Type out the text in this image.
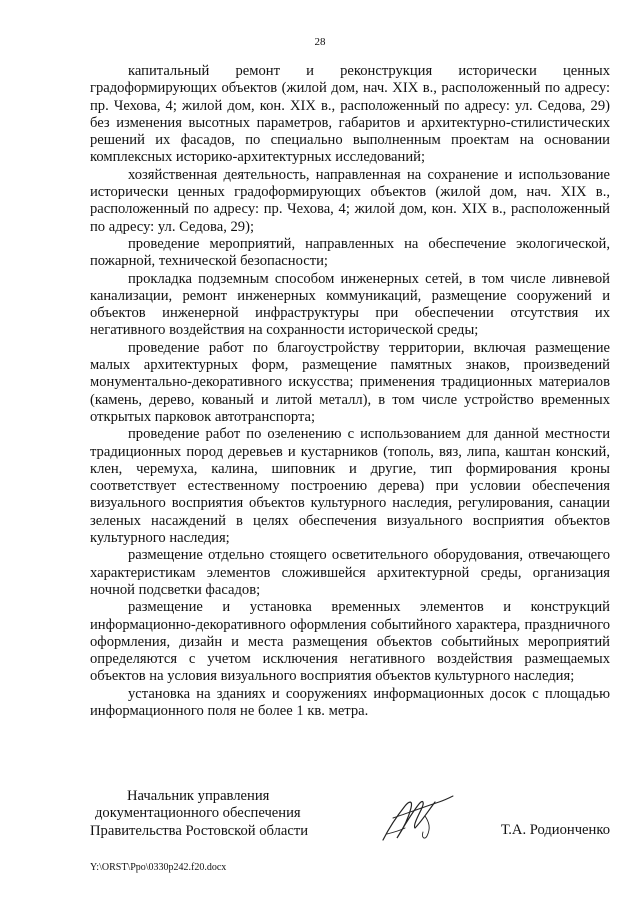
28

капитальный ремонт и реконструкция исторически ценных градоформирующих объектов (жилой дом, нач. XIX в., расположенный по адресу: пр. Чехова, 4; жилой дом, кон. XIX в., расположенный по адресу: ул. Седова, 29) без изменения высотных параметров, габаритов и архитектурно-стилистических решений их фасадов, по специально выполненным проектам на основании комплексных историко-архитектурных исследований;

хозяйственная деятельность, направленная на сохранение и использование исторически ценных градоформирующих объектов (жилой дом, нач. XIX в., расположенный по адресу: пр. Чехова, 4; жилой дом, кон. XIX в., расположенный по адресу: ул. Седова, 29);

проведение мероприятий, направленных на обеспечение экологической, пожарной, технической безопасности;

прокладка подземным способом инженерных сетей, в том числе ливневой канализации, ремонт инженерных коммуникаций, размещение сооружений и объектов инженерной инфраструктуры при обеспечении отсутствия их негативного воздействия на сохранности исторической среды;

проведение работ по благоустройству территории, включая размещение малых архитектурных форм, размещение памятных знаков, произведений монументально-декоративного искусства; применения традиционных материалов (камень, дерево, кованый и литой металл), в том числе устройство временных открытых парковок автотранспорта;

проведение работ по озеленению с использованием для данной местности традиционных пород деревьев и кустарников (тополь, вяз, липа, каштан конский, клен, черемуха, калина, шиповник и другие, тип формирования кроны соответствует естественному построению дерева) при условии обеспечения визуального восприятия объектов культурного наследия, регулирования, санации зеленых насаждений в целях обеспечения визуального восприятия объектов культурного наследия;

размещение отдельно стоящего осветительного оборудования, отвечающего характеристикам элементов сложившейся архитектурной среды, организация ночной подсветки фасадов;

размещение и установка временных элементов и конструкций информационно-декоративного оформления событийного характера, праздничного оформления, дизайн и места размещения объектов событийных мероприятий определяются с учетом исключения негативного воздействия размещаемых объектов на условия визуального восприятия объектов культурного наследия;

установка на зданиях и сооружениях информационных досок с площадью информационного поля не более 1 кв. метра.

Начальник управления
документационного обеспечения
Правительства Ростовской области	Т.А. Родионченко
Y:\ORST\Ppo\0330p242.f20.docx
